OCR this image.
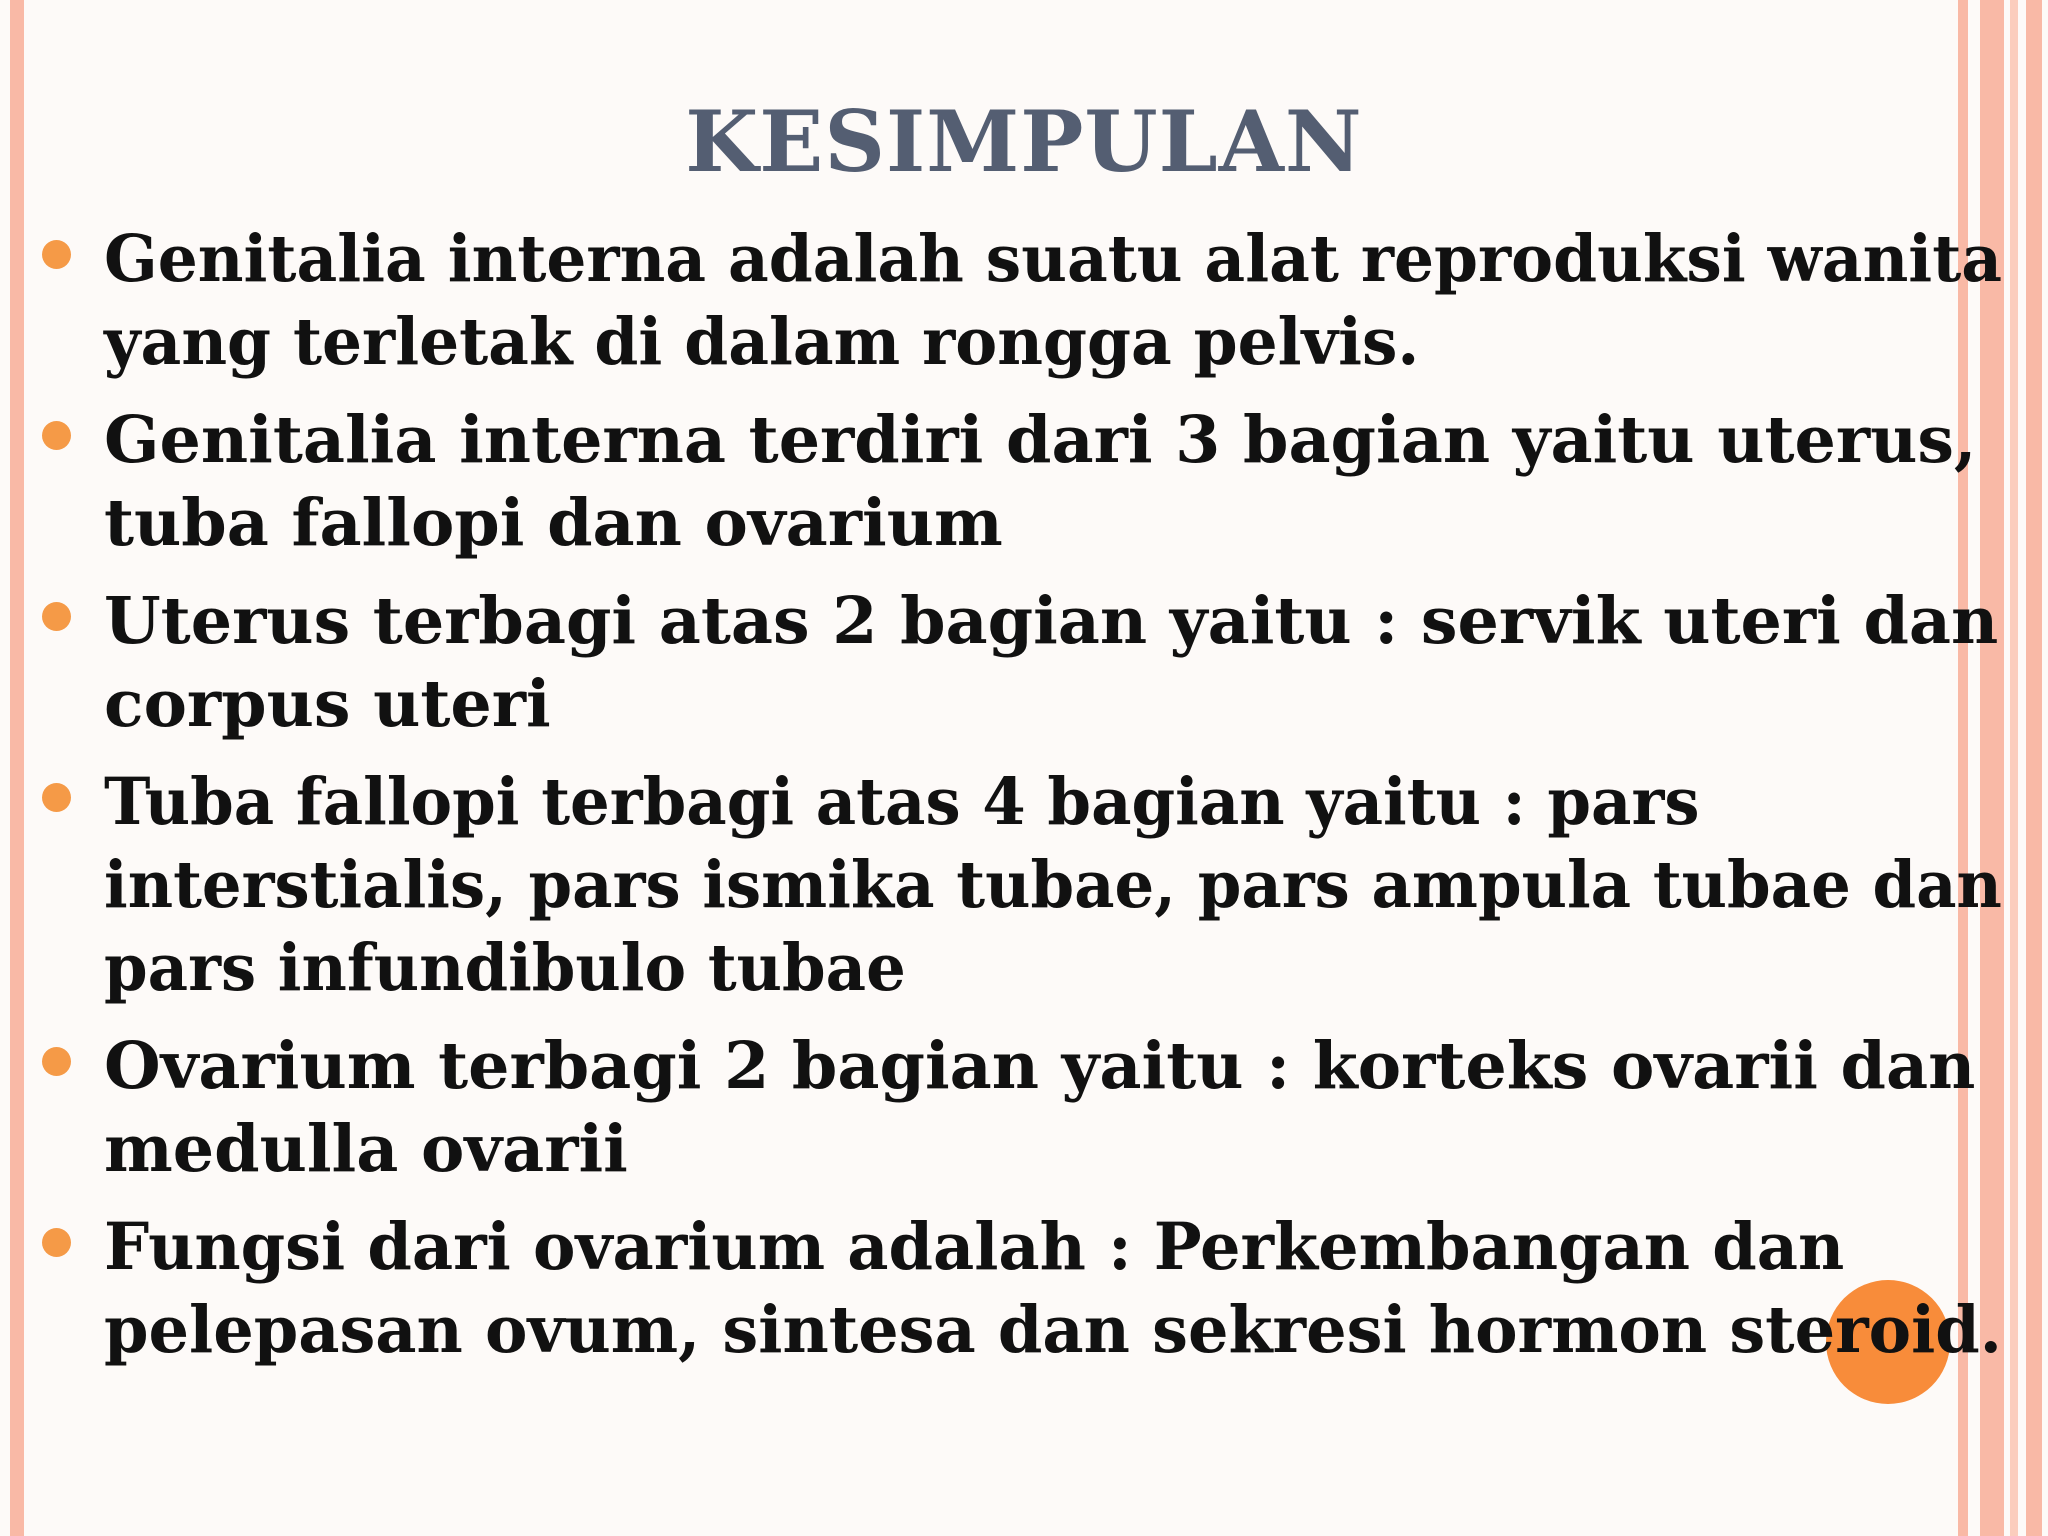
KESIMPULAN
Genitalia interna adalah suatu alat reproduksi wanita
yang terletak di dalam rongga pelvis.
Genitalia interna terdiri dari 3 bagian yaitu uterus,
tuba fallopi dan ovarium
Uterus terbagi atas 2 bagian yaitu : servik uteri dan
corpus uteri
Tuba fallopi terbagi atas 4 bagian yaitu : pars
interstialis, pars ismika tubae, pars ampula tubae dan
pars infundibulo tubae
Ovarium terbagi 2 bagian yaitu : korteks ovarii dan
medulla ovarii
Fungsi dari ovarium adalah : Perkembangan dan
pelepasan ovum, sintesa dan sekresi hormon steroid.
